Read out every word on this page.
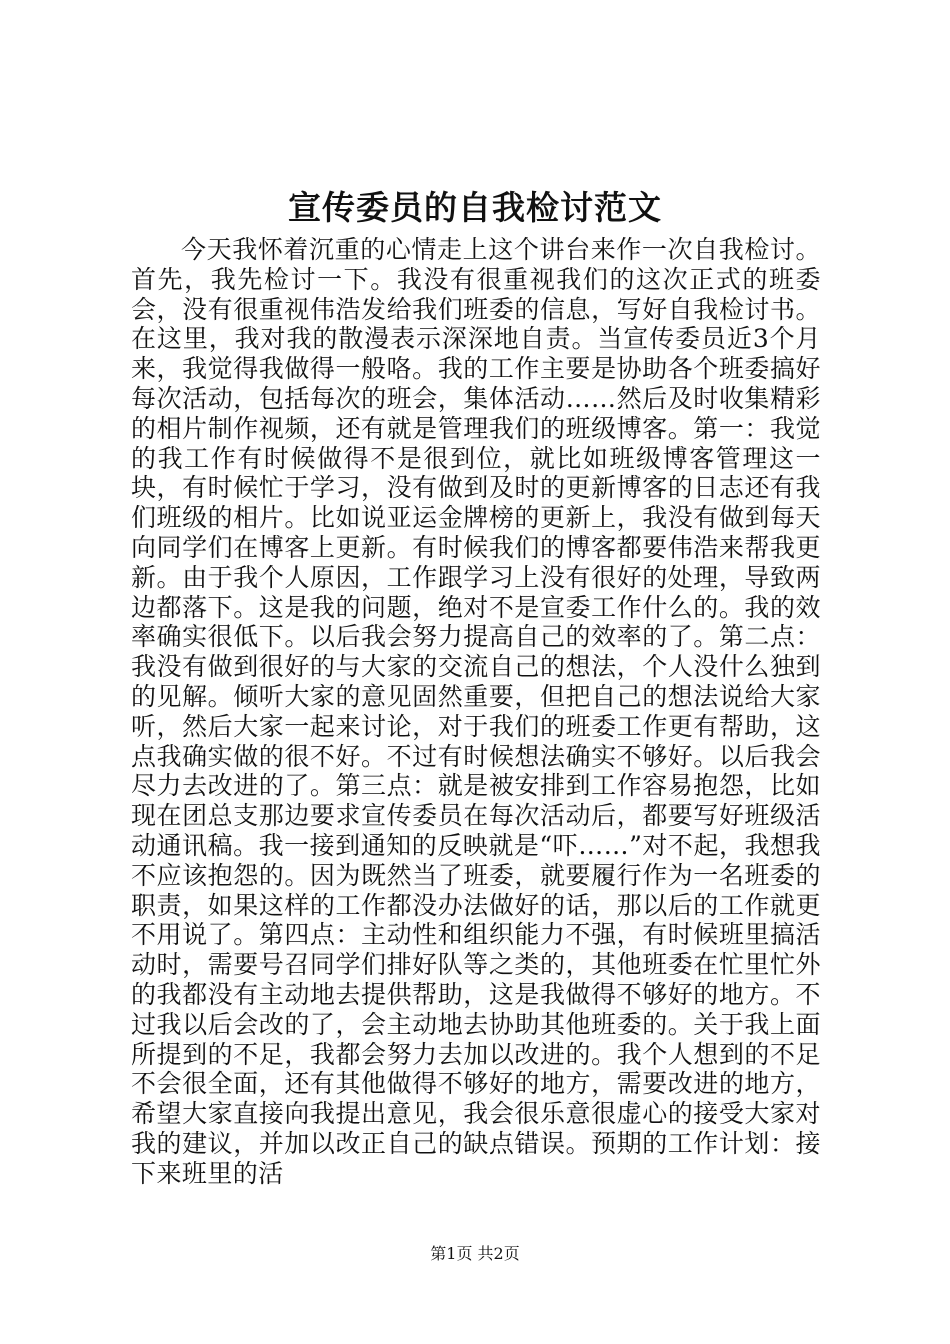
宣传委员的自我检讨范文

今天我怀着沉重的心情走上这个讲台来作一次自我检讨。首先，我先检讨一下。我没有很重视我们的这次正式的班委会，没有很重视伟浩发给我们班委的信息，写好自我检讨书。在这里，我对我的散漫表示深深地自责。当宣传委员近3个月来，我觉得我做得一般咯。我的工作主要是协助各个班委搞好每次活动，包括每次的班会，集体活动……然后及时收集精彩的相片制作视频，还有就是管理我们的班级博客。第一：我觉的我工作有时候做得不是很到位，就比如班级博客管理这一块，有时候忙于学习，没有做到及时的更新博客的日志还有我们班级的相片。比如说亚运金牌榜的更新上，我没有做到每天向同学们在博客上更新。有时候我们的博客都要伟浩来帮我更新。由于我个人原因，工作跟学习上没有很好的处理，导致两边都落下。这是我的问题，绝对不是宣委工作什么的。我的效率确实很低下。以后我会努力提高自己的效率的了。第二点：我没有做到很好的与大家的交流自己的想法，个人没什么独到的见解。倾听大家的意见固然重要，但把自己的想法说给大家听，然后大家一起来讨论，对于我们的班委工作更有帮助，这点我确实做的很不好。不过有时候想法确实不够好。以后我会尽力去改进的了。第三点：就是被安排到工作容易抱怨，比如现在团总支那边要求宣传委员在每次活动后，都要写好班级活动通讯稿。我一接到通知的反映就是“吓……”对不起，我想我不应该抱怨的。因为既然当了班委，就要履行作为一名班委的职责，如果这样的工作都没办法做好的话，那以后的工作就更不用说了。第四点：主动性和组织能力不强，有时候班里搞活动时，需要号召同学们排好队等之类的，其他班委在忙里忙外的我都没有主动地去提供帮助，这是我做得不够好的地方。不过我以后会改的了，会主动地去协助其他班委的。关于我上面所提到的不足，我都会努力去加以改进的。我个人想到的不足不会很全面，还有其他做得不够好的地方，需要改进的地方，希望大家直接向我提出意见，我会很乐意很虚心的接受大家对我的建议，并加以改正自己的缺点错误。预期的工作计划：接下来班里的活

第1页 共2页
